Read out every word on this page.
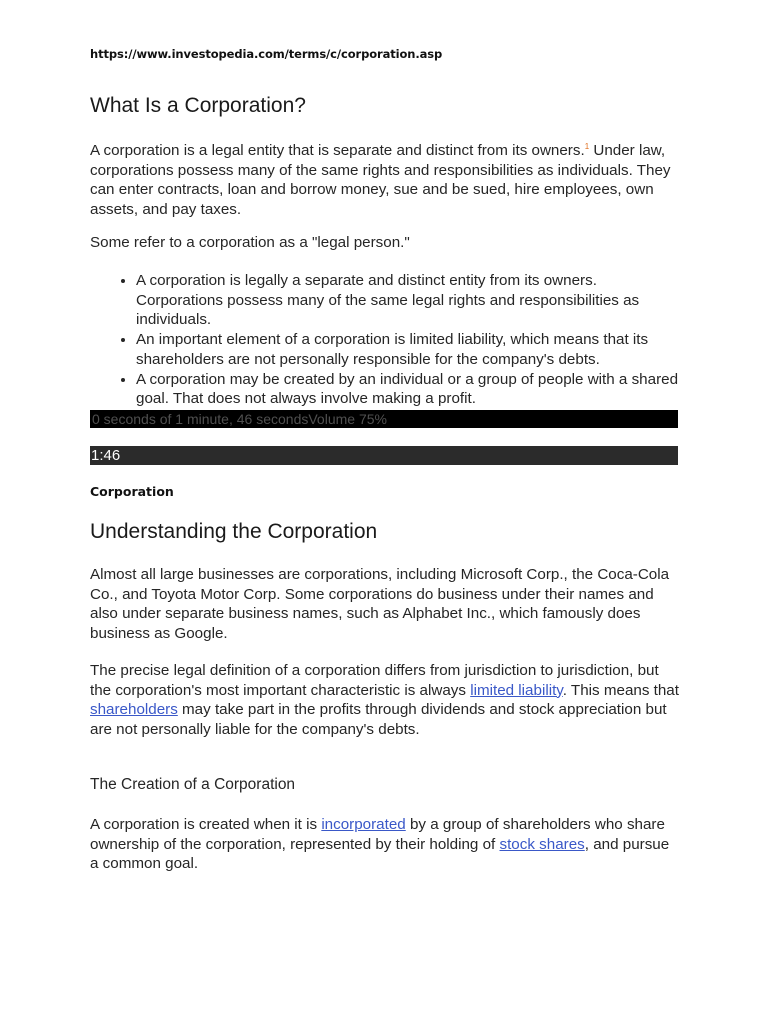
https://www.investopedia.com/terms/c/corporation.asp
What Is a Corporation?

A corporation is a legal entity that is separate and distinct from its owners.$^1$ Under law, corporations possess many of the same rights and responsibilities as individuals. They can enter contracts, loan and borrow money, sue and be sued, hire employees, own assets, and pay taxes.

Some refer to a corporation as a "legal person."

• A corporation is legally a separate and distinct entity from its owners. Corporations possess many of the same legal rights and responsibilities as individuals.
• An important element of a corporation is limited liability, which means that its shareholders are not personally responsible for the company's debts.
• A corporation may be created by an individual or a group of people with a shared goal. That does not always involve making a profit.
0 seconds of 1 minute, 46 secondsVolume 75%
1:46
Corporation
Understanding the Corporation

Almost all large businesses are corporations, including Microsoft Corp., the Coca-Cola Co., and Toyota Motor Corp. Some corporations do business under their names and also under separate business names, such as Alphabet Inc., which famously does business as Google.

The precise legal definition of a corporation differs from jurisdiction to jurisdiction, but the corporation's most important characteristic is always limited liability. This means that shareholders may take part in the profits through dividends and stock appreciation but are not personally liable for the company's debts.

The Creation of a Corporation

A corporation is created when it is incorporated by a group of shareholders who share ownership of the corporation, represented by their holding of stock shares, and pursue a common goal.
